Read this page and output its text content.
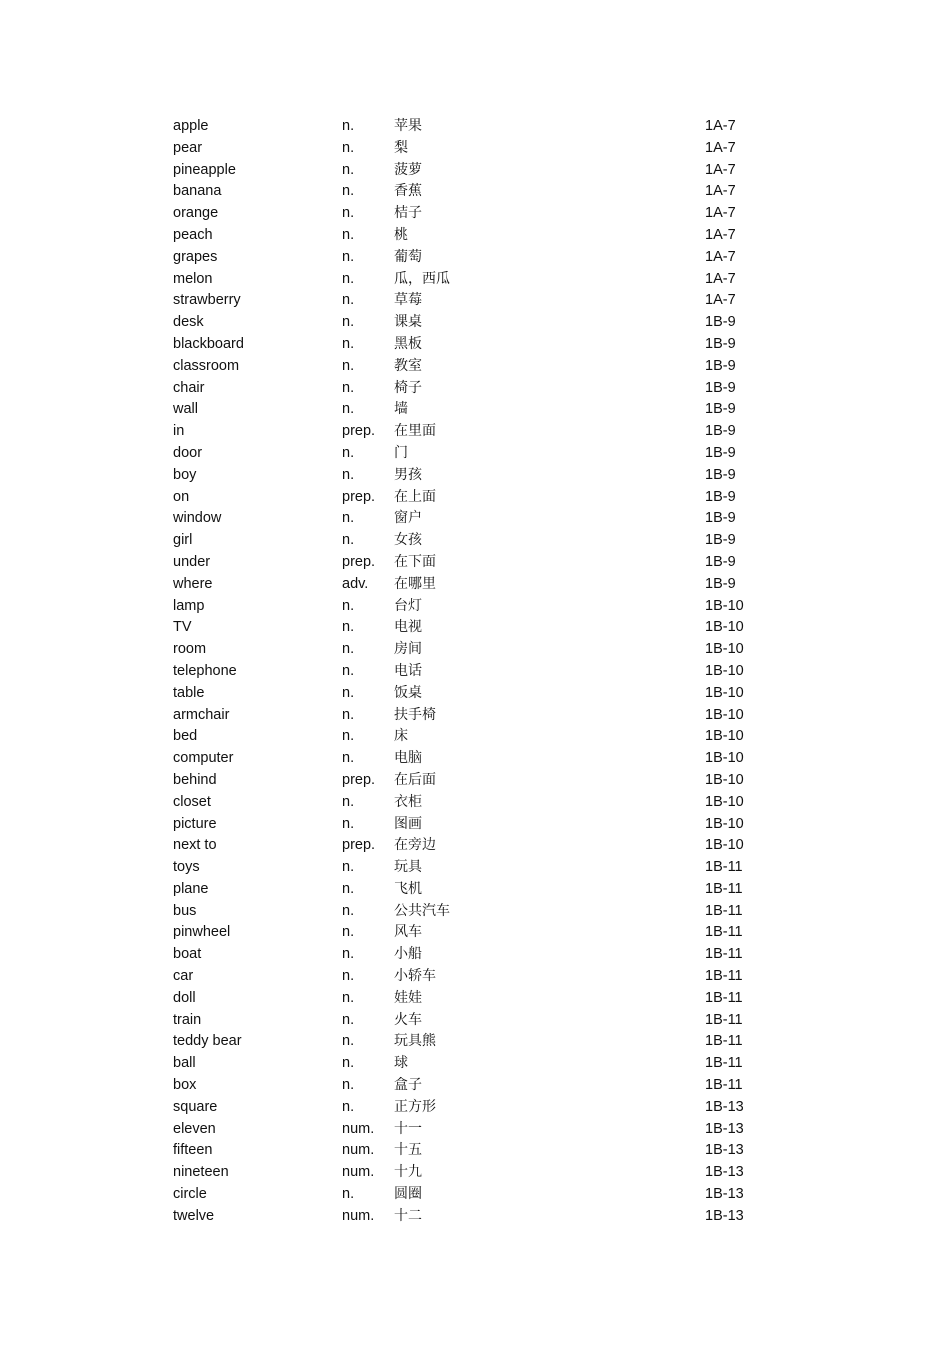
apple	n.	苹果	1A-7
pear	n.	梨	1A-7
pineapple	n.	菠萝	1A-7
banana	n.	香蕉	1A-7
orange	n.	桔子	1A-7
peach	n.	桃	1A-7
grapes	n.	葡萄	1A-7
melon	n.	瓜，西瓜	1A-7
strawberry	n.	草莓	1A-7
desk	n.	课桌	1B-9
blackboard	n.	黑板	1B-9
classroom	n.	教室	1B-9
chair	n.	椅子	1B-9
wall	n.	墙	1B-9
in	prep. 在里面	1B-9
door	n.	门	1B-9
boy	n.	男孩	1B-9
on	prep. 在上面	1B-9
window	n.	窗户	1B-9
girl	n.	女孩	1B-9
under	prep. 在下面	1B-9
where	adv. 在哪里	1B-9
lamp	n.	台灯	1B-10
TV	n.	电视	1B-10
room	n.	房间	1B-10
telephone	n.	电话	1B-10
table	n.	饭桌	1B-10
armchair	n.	扶手椅	1B-10
bed	n.	床	1B-10
computer	n.	电脑	1B-10
behind	prep. 在后面	1B-10
closet	n.	衣柜	1B-10
picture	n.	图画	1B-10
next to	prep. 在旁边	1B-10
toys	n.	玩具	1B-11
plane	n.	飞机	1B-11
bus	n.	公共汽车	1B-11
pinwheel	n.	风车	1B-11
boat	n.	小船	1B-11
car	n.	小轿车	1B-11
doll	n.	娃娃	1B-11
train	n.	火车	1B-11
teddy bear	n.	玩具熊	1B-11
ball	n.	球	1B-11
box	n.	盒子	1B-11
square	n.	正方形	1B-13
eleven	num. 十一	1B-13
fifteen	num. 十五	1B-13
nineteen	num. 十九	1B-13
circle	n.	圆圈	1B-13
twelve	num. 十二	1B-13
